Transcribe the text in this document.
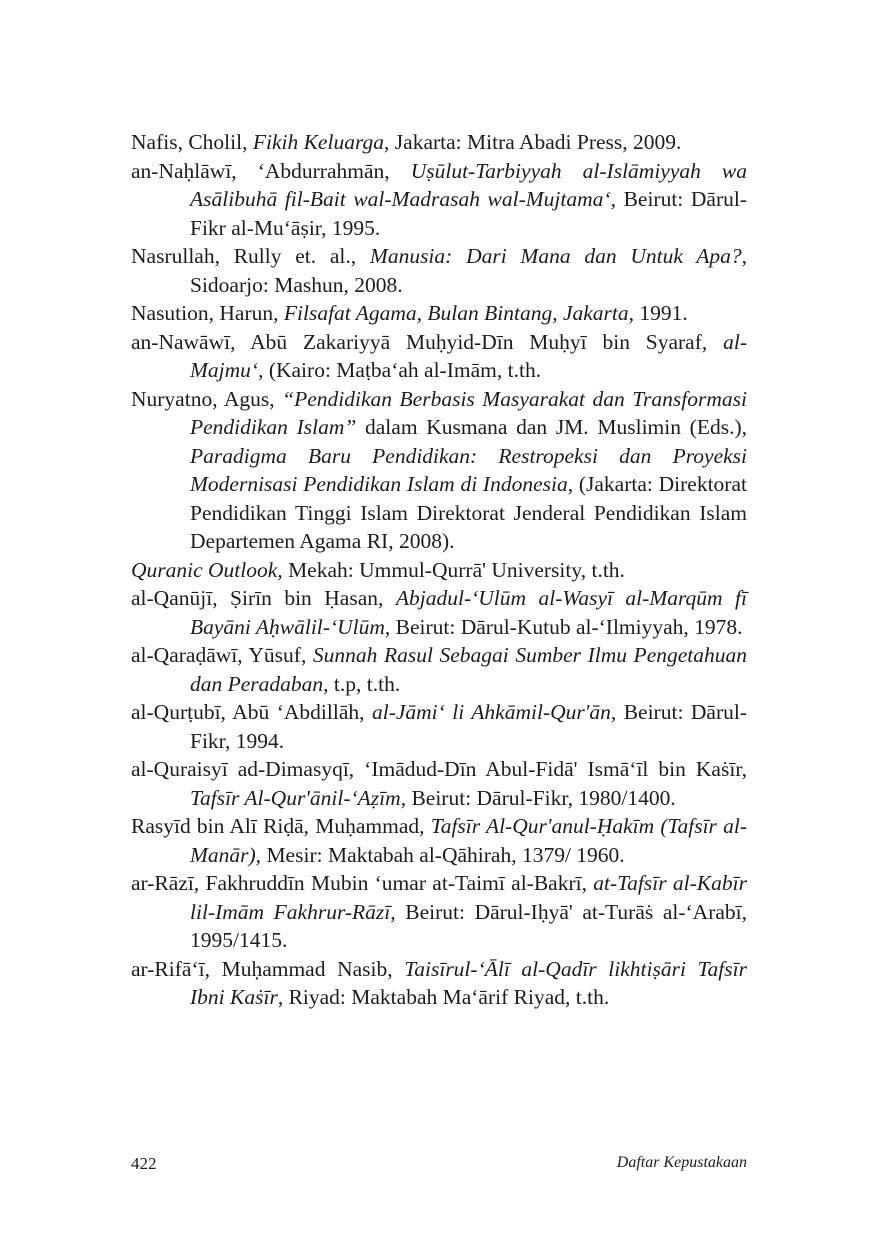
Nafis, Cholil, Fikih Keluarga, Jakarta: Mitra Abadi Press, 2009.
an-Naḥlāwī, ‘Abdurrahmān, Uṣūlut-Tarbiyyah al-Islāmiyyah wa Asālibuhā fil-Bait wal-Madrasah wal-Mujtama‘, Beirut: Dārul-Fikr al-Mu‘āṣir, 1995.
Nasrullah, Rully et. al., Manusia: Dari Mana dan Untuk Apa?, Sidoarjo: Mashun, 2008.
Nasution, Harun, Filsafat Agama, Bulan Bintang, Jakarta, 1991.
an-Nawāwī, Abū Zakariyyā Muḥyid-Dīn Muḥyī bin Syaraf, al-Majmu‘, (Kairo: Maṭba‘ah al-Imām, t.th.
Nuryatno, Agus, “Pendidikan Berbasis Masyarakat dan Transformasi Pendidikan Islam” dalam Kusmana dan JM. Muslimin (Eds.), Paradigma Baru Pendidikan: Restropeksi dan Proyeksi Modernisasi Pendidikan Islam di Indonesia, (Jakarta: Direktorat Pendidikan Tinggi Islam Direktorat Jenderal Pendidikan Islam Departemen Agama RI, 2008).
Quranic Outlook, Mekah: Ummul-Qurrā' University, t.th.
al-Qanūjī, Ṣirīn bin Ḥasan, Abjadul-‘Ulūm al-Wasyī al-Marqūm fī Bayāni Aḥwālil-‘Ulūm, Beirut: Dārul-Kutub al-‘Ilmiyyah, 1978.
al-Qaraḍāwī, Yūsuf, Sunnah Rasul Sebagai Sumber Ilmu Pengetahuan dan Peradaban, t.p, t.th.
al-Qurṭubī, Abū ‘Abdillāh, al-Jāmi‘ li Ahkāmil-Qur'ān, Beirut: Dārul-Fikr, 1994.
al-Quraisyī ad-Dimasyqī, ‘Imādud-Dīn Abul-Fidā' Ismā‘īl bin Kaṡīr, Tafsīr Al-Qur'ānil-‘Aẓīm, Beirut: Dārul-Fikr, 1980/1400.
Rasyīd bin Alī Riḍā, Muḥammad, Tafsīr Al-Qur'anul-Ḥakīm (Tafsīr al-Manār), Mesir: Maktabah al-Qāhirah, 1379/ 1960.
ar-Rāzī, Fakhruddīn Mubin ‘umar at-Taimī al-Bakrī, at-Tafsīr al-Kabīr lil-Imām Fakhrur-Rāzī, Beirut: Dārul-Iḥyā' at-Turāṡ al-‘Arabī, 1995/1415.
ar-Rifā‘ī, Muḥammad Nasib, Taisīrul-‘Ālī al-Qadīr likhtiṣāri Tafsīr Ibni Kaṡīr, Riyad: Maktabah Ma‘ārif Riyad, t.th.
422	Daftar Kepustakaan
